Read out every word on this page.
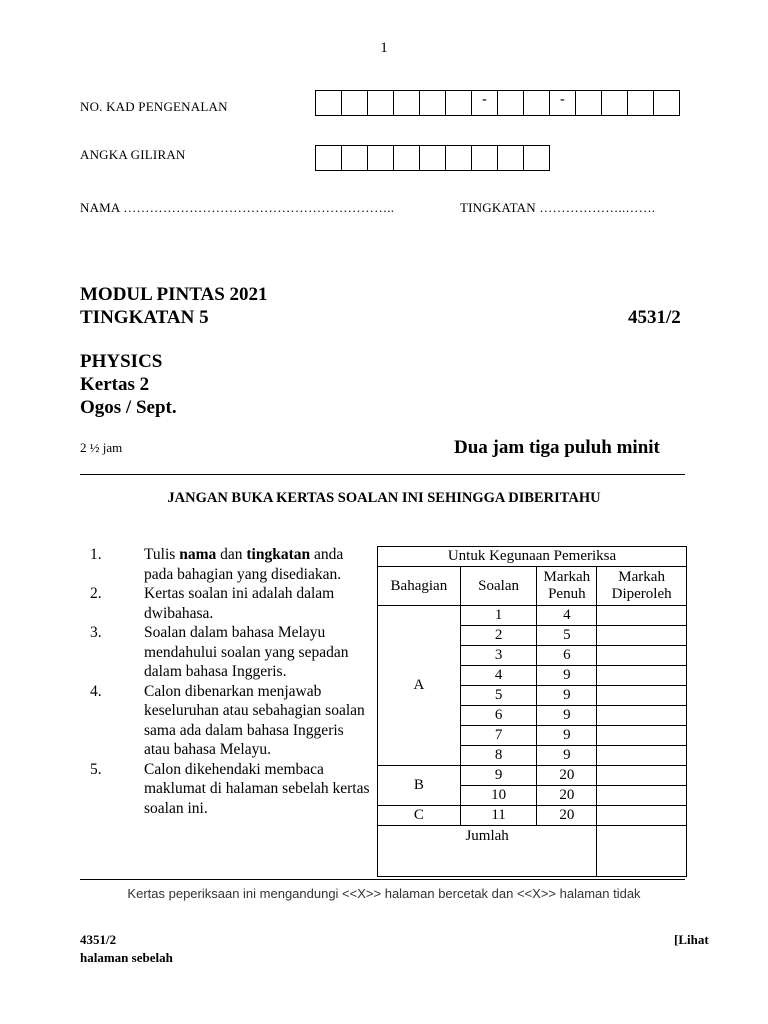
1
NO. KAD PENGENALAN	-	-
ANGKA GILIRAN
NAMA ……………………………………………………..	TINGKATAN ………………..…….
MODUL PINTAS 2021
TINGKATAN 5	4531/2
PHYSICS
Kertas 2
Ogos / Sept.
2 ½ jam	Dua jam tiga puluh minit
JANGAN BUKA KERTAS SOALAN INI SEHINGGA DIBERITAHU
1.	Tulis nama dan tingkatan anda pada bahagian yang disediakan.
2.	Kertas soalan ini adalah dalam dwibahasa.
3.	Soalan dalam bahasa Melayu mendahului soalan yang sepadan dalam bahasa Inggeris.
4.	Calon dibenarkan menjawab keseluruhan atau sebahagian soalan sama ada dalam bahasa Inggeris atau bahasa Melayu.
5.	Calon dikehendaki membaca maklumat di halaman sebelah kertas soalan ini.
Untuk Kegunaan Pemeriksa			
Bahagian	Soalan	Markah Penuh	Markah Diperoleh
A	1	4	
	2	5	
	3	6	
	4	9	
	5	9	
	6	9	
	7	9	
	8	9	
B	9	20	
	10	20	
C	11	20	
Jumlah			
Kertas peperiksaan ini mengandungi <<X>> halaman bercetak dan <<X>> halaman tidak
4351/2	[Lihat
halaman sebelah
